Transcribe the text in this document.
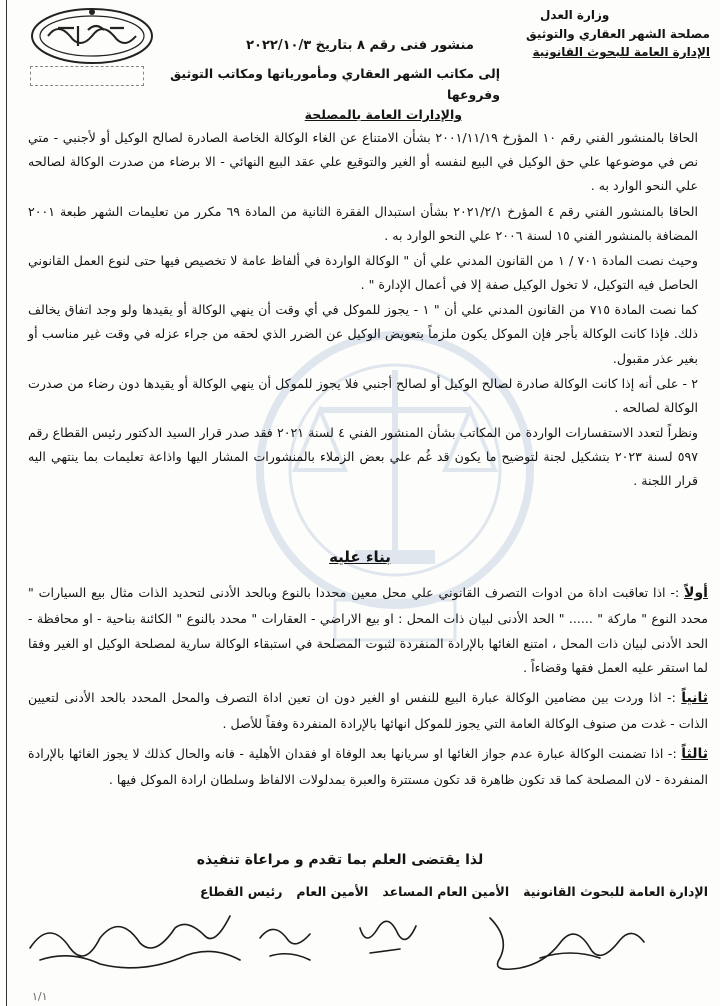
وزارة العدل
مصلحة الشهر العقاري والتوثيق
الإدارة العامة للبحوث القانونية
منشور فنى رقم ٨ بتاريخ ٢٠٢٢/١٠/٣
إلى مكاتب الشهر العقاري ومأمورياتها ومكاتب التوثيق وفروعها
والإدارات العامة بالمصلحة

الحاقا بالمنشور الفني رقم ١٠ المؤرخ ٢٠٠١/١١/١٩ بشأن الامتناع عن الغاء الوكالة الخاصة الصادرة لصالح الوكيل أو لأجنبي - متي نص في موضوعها علي حق الوكيل في البيع لنفسه أو الغير والتوقيع علي عقد البيع النهائي - الا برضاء من صدرت الوكالة لصالحه علي النحو الوارد به .

الحاقا بالمنشور الفني رقم ٤ المؤرخ ٢٠٢١/٢/١ بشأن استبدال الفقرة الثانية من المادة ٦٩ مكرر من تعليمات الشهر طبعة ٢٠٠١ المضافة بالمنشور الفني ١٥ لسنة ٢٠٠٦ علي النحو الوارد به .

وحيث نصت المادة ٧٠١ / ١ من القانون المدني علي أن " الوكالة الواردة في ألفاظ عامة لا تخصيص فيها حتى لنوع العمل القانوني الحاصل فيه التوكيل، لا تخول الوكيل صفة إلا في أعمال الإدارة " .

كما نصت المادة ٧١٥ من القانون المدني علي أن " ١ - يجوز للموكل في أي وقت أن ينهي الوكالة أو يقيدها ولو وجد اتفاق يخالف ذلك. فإذا كانت الوكالة بأجر فإن الموكل يكون ملزماً بتعويض الوكيل عن الضرر الذي لحقه من جراء عزله في وقت غير مناسب أو بغير عذر مقبول.

٢ - على أنه إذا كانت الوكالة صادرة لصالح الوكيل أو لصالح أجنبي فلا يجوز للموكل أن ينهي الوكالة أو يقيدها دون رضاء من صدرت الوكالة لصالحه .

ونظراً لتعدد الاستفسارات الواردة من المكاتب بشأن المنشور الفني ٤ لسنة ٢٠٢١ فقد صدر قرار السيد الدكتور رئيس القطاع رقم ٥٩٧ لسنة ٢٠٢٣ بتشكيل لجنة لتوضيح ما يكون قد غُم علي بعض الزملاء بالمنشورات المشار اليها واذاعة تعليمات بما ينتهي اليه قرار اللجنة .

بناء عليه

أولاً :- اذا تعاقبت اداة من ادوات التصرف القانوني علي محل معين محددا بالنوع وبالحد الأدنى لتحديد الذات مثال بيع السيارات " محدد النوع " ماركة " ...... " الحد الأدنى لبيان ذات المحل : او بيع الاراضي - العقارات " محدد بالنوع " الكائنة بناحية - او محافظة - الحد الأدنى لبيان ذات المحل ، امتنع الغائها بالإرادة المنفردة لثبوت المصلحة في استبقاء الوكالة سارية لمصلحة الوكيل او الغير وفقا لما استقر عليه العمل فقها وقضاءاً .

ثانياً :- اذا وردت بين مضامين الوكالة عبارة البيع للنفس او الغير دون ان تعين اداة التصرف والمحل المحدد بالحد الأدنى لتعيين الذات - غدت من صنوف الوكالة العامة التي يجوز للموكل انهائها بالإرادة المنفردة وفقاً للأصل .

ثالثاً :- اذا تضمنت الوكالة عبارة عدم جواز الغائها او سريانها بعد الوفاة او فقدان الأهلية - فانه والحال كذلك لا يجوز الغائها بالإرادة المنفردة - لان المصلحة كما قد تكون ظاهرة قد تكون مستترة والعبرة بمدلولات الالفاظ وسلطان ارادة الموكل فيها .

لذا يقتضى العلم بما تقدم و مراعاة تنفيذه
الإدارة العامة للبحوث القانونية
الأمين العام المساعد
الأمين العام
رئيس القطاع
١/١
